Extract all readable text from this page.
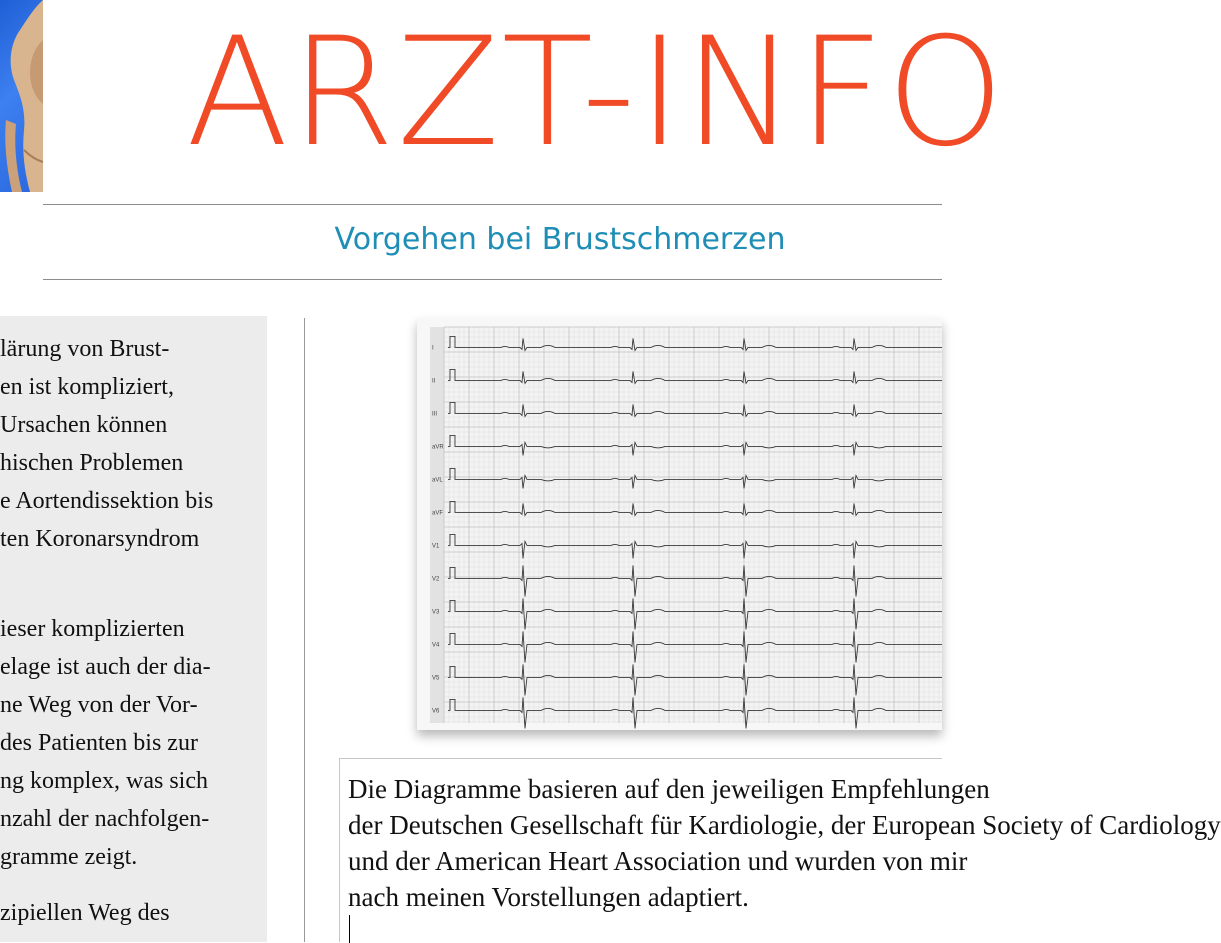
ARZT-INFO
Vorgehen bei Brustschmerzen
lärung von Brust-
en ist kompliziert,
Ursachen können
hischen Problemen
e Aortendissektion bis
ten Koronarsyndrom
ieser komplizierten
elage ist auch der dia-
ne Weg von der Vor-
des Patienten bis zur
ng komplex, was sich
nzahl der nachfolgen-
gramme zeigt.
zipiellen Weg des
I
II
III
aVR
aVL
aVF
V1
V2
V3
V4
V5
V6
Die Diagramme basieren auf den jeweiligen Empfehlungen
der Deutschen Gesellschaft für Kardiologie, der European Society of Cardiology
und der American Heart Association und wurden von mir
nach meinen Vorstellungen adaptiert.
